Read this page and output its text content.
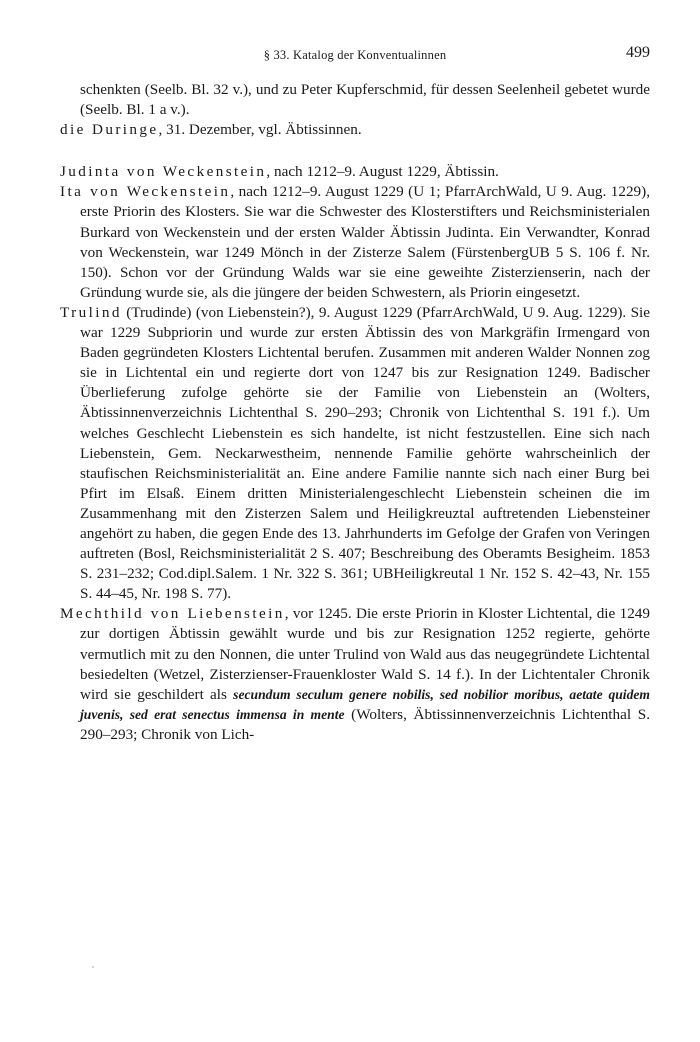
§ 33. Katalog der Konventualinnen	499

schenkten (Seelb. Bl. 32 v.), und zu Peter Kupferschmid, für dessen Seelenheil gebetet wurde (Seelb. Bl. 1 a v.).

die Duringe, 31. Dezember, vgl. Äbtissinnen.

Judinta von Weckenstein, nach 1212–9. August 1229, Äbtissin.

Ita von Weckenstein, nach 1212–9. August 1229 (U 1; PfarrArchWald, U 9. Aug. 1229), erste Priorin des Klosters. Sie war die Schwester des Klosterstifters und Reichsministerialen Burkard von Weckenstein und der ersten Walder Äbtissin Judinta. Ein Verwandter, Konrad von Weckenstein, war 1249 Mönch in der Zisterze Salem (FürstenbergUB 5 S. 106 f. Nr. 150). Schon vor der Gründung Walds war sie eine geweihte Zisterzienserin, nach der Gründung wurde sie, als die jüngere der beiden Schwestern, als Priorin eingesetzt.

Trulind (Trudinde) (von Liebenstein?), 9. August 1229 (PfarrArchWald, U 9. Aug. 1229). Sie war 1229 Subpriorin und wurde zur ersten Äbtissin des von Markgräfin Irmengard von Baden gegründeten Klosters Lichtental berufen. Zusammen mit anderen Walder Nonnen zog sie in Lichtental ein und regierte dort von 1247 bis zur Resignation 1249. Badischer Überlieferung zufolge gehörte sie der Familie von Liebenstein an (Wolters, Äbtissinnenverzeichnis Lichtenthal S. 290–293; Chronik von Lichtenthal S. 191 f.). Um welches Geschlecht Liebenstein es sich handelte, ist nicht festzustellen. Eine sich nach Liebenstein, Gem. Neckarwestheim, nennende Familie gehörte wahrscheinlich der staufischen Reichsministerialität an. Eine andere Familie nannte sich nach einer Burg bei Pfirt im Elsaß. Einem dritten Ministerialengeschlecht Liebenstein scheinen die im Zusammenhang mit den Zisterzen Salem und Heiligkreuztal auftretenden Liebensteiner angehört zu haben, die gegen Ende des 13. Jahrhunderts im Gefolge der Grafen von Veringen auftreten (Bosl, Reichsministerialität 2 S. 407; Beschreibung des Oberamts Besigheim. 1853 S. 231–232; Cod.dipl.Salem. 1 Nr. 322 S. 361; UBHeiligkreutal 1 Nr. 152 S. 42–43, Nr. 155 S. 44–45, Nr. 198 S. 77).

Mechthild von Liebenstein, vor 1245. Die erste Priorin in Kloster Lichtental, die 1249 zur dortigen Äbtissin gewählt wurde und bis zur Resignation 1252 regierte, gehörte vermutlich mit zu den Nonnen, die unter Trulind von Wald aus das neugegründete Lichtental besiedelten (Wetzel, Zisterzienser-Frauenkloster Wald S. 14 f.). In der Lichtentaler Chronik wird sie geschildert als secundum seculum genere nobilis, sed nobilior moribus, aetate quidem juvenis, sed erat senectus immensa in mente (Wolters, Äbtissinnenverzeichnis Lichtenthal S. 290–293; Chronik von Lich-
